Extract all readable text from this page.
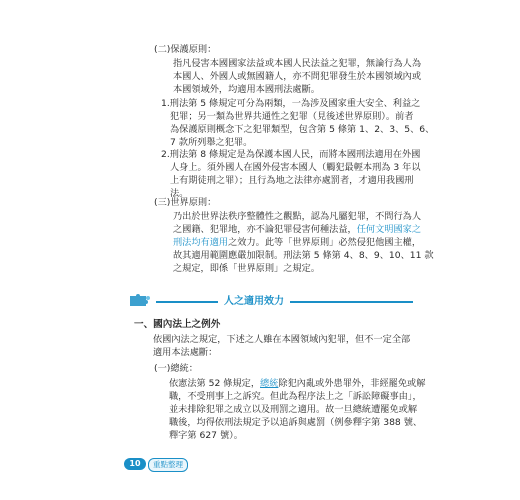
(二)保護原則：
指凡侵害本國國家法益或本國人民法益之犯罪，無論行為人為
本國人、外國人或無國籍人，亦不問犯罪發生於本國領域內或
本國領域外，均適用本國刑法處斷。
1.刑法第 5 條規定可分為兩類，一為涉及國家重大安全、利益之
犯罪；另一類為世界共通性之犯罪（見後述世界原則）。前者
為保護原則概念下之犯罪類型，包含第 5 條第 1、2、3、5、6、
7 款所列舉之犯罪。
2.刑法第 8 條規定是為保護本國人民，而將本國刑法適用在外國
人身上。須外國人在國外侵害本國人（觸犯最輕本刑為 3 年以
上有期徒刑之罪）；且行為地之法律亦處罰者，才適用我國刑
法。
(三)世界原則：
乃出於世界法秩序整體性之觀點，認為凡屬犯罪，不問行為人
之國籍、犯罪地，亦不論犯罪侵害何種法益，任何文明國家之
刑法均有適用之效力。此等「世界原則」必然侵犯他國主權，
故其適用範圍應嚴加限制。刑法第 5 條第 4、8、9、10、11 款
之規定，即係「世界原則」之規定。
人之適用效力
一、國內法上之例外
依國內法之規定，下述之人雖在本國領域內犯罪，但不一定全部
適用本法處斷：
(一)總統：
依憲法第 52 條規定，總統除犯內亂或外患罪外，非經罷免或解
職，不受刑事上之訴究。但此為程序法上之「訴訟障礙事由」，
並未排除犯罪之成立以及刑罰之適用。故一旦總統遭罷免或解
職後，均得依刑法規定予以追訴與處罰（例參釋字第 388 號、
釋字第 627 號）。
10	重點整理
